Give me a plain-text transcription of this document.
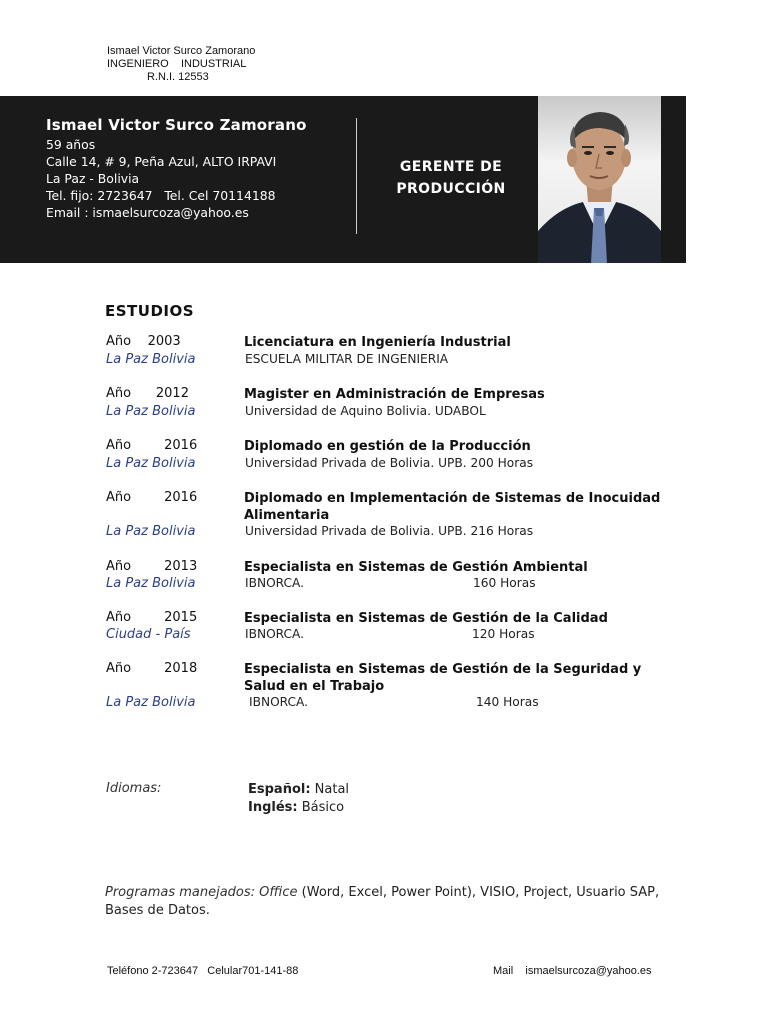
Ismael Victor Surco Zamorano
INGENIERO    INDUSTRIAL
R.N.I. 12553
Ismael Victor Surco Zamorano
59 años
Calle 14, # 9, Peña Azul, ALTO IRPAVI
La Paz - Bolivia
Tel. fijo: 2723647   Tel. Cel 70114188
Email : ismaelsurcoza@yahoo.es
GERENTE DE
PRODUCCIÓN
ESTUDIOS
Año    2003	Licenciatura en Ingeniería Industrial
La Paz Bolivia	ESCUELA MILITAR DE INGENIERIA
Año      2012	Magister en Administración de Empresas
La Paz Bolivia	Universidad de Aquino Bolivia. UDABOL
Año        2016	Diplomado en gestión de la Producción
La Paz Bolivia	Universidad Privada de Bolivia. UPB. 200 Horas
Año        2016	Diplomado en Implementación de Sistemas de Inocuidad Alimentaria
La Paz Bolivia	Universidad Privada de Bolivia. UPB. 216 Horas
Año        2013	Especialista en Sistemas de Gestión Ambiental
La Paz Bolivia	IBNORCA.	160 Horas
Año        2015	Especialista en Sistemas de Gestión de la Calidad
Ciudad - País	IBNORCA.	120 Horas
Año        2018	Especialista en Sistemas de Gestión de la Seguridad y Salud en el Trabajo
La Paz Bolivia	IBNORCA.	140 Horas
Idiomas:	Español: Natal
Inglés: Básico
Programas manejados: Office (Word, Excel, Power Point), VISIO, Project, Usuario SAP, Bases de Datos.
Teléfono 2-723647   Celular701-141-88	Mail    ismaelsurcoza@yahoo.es
